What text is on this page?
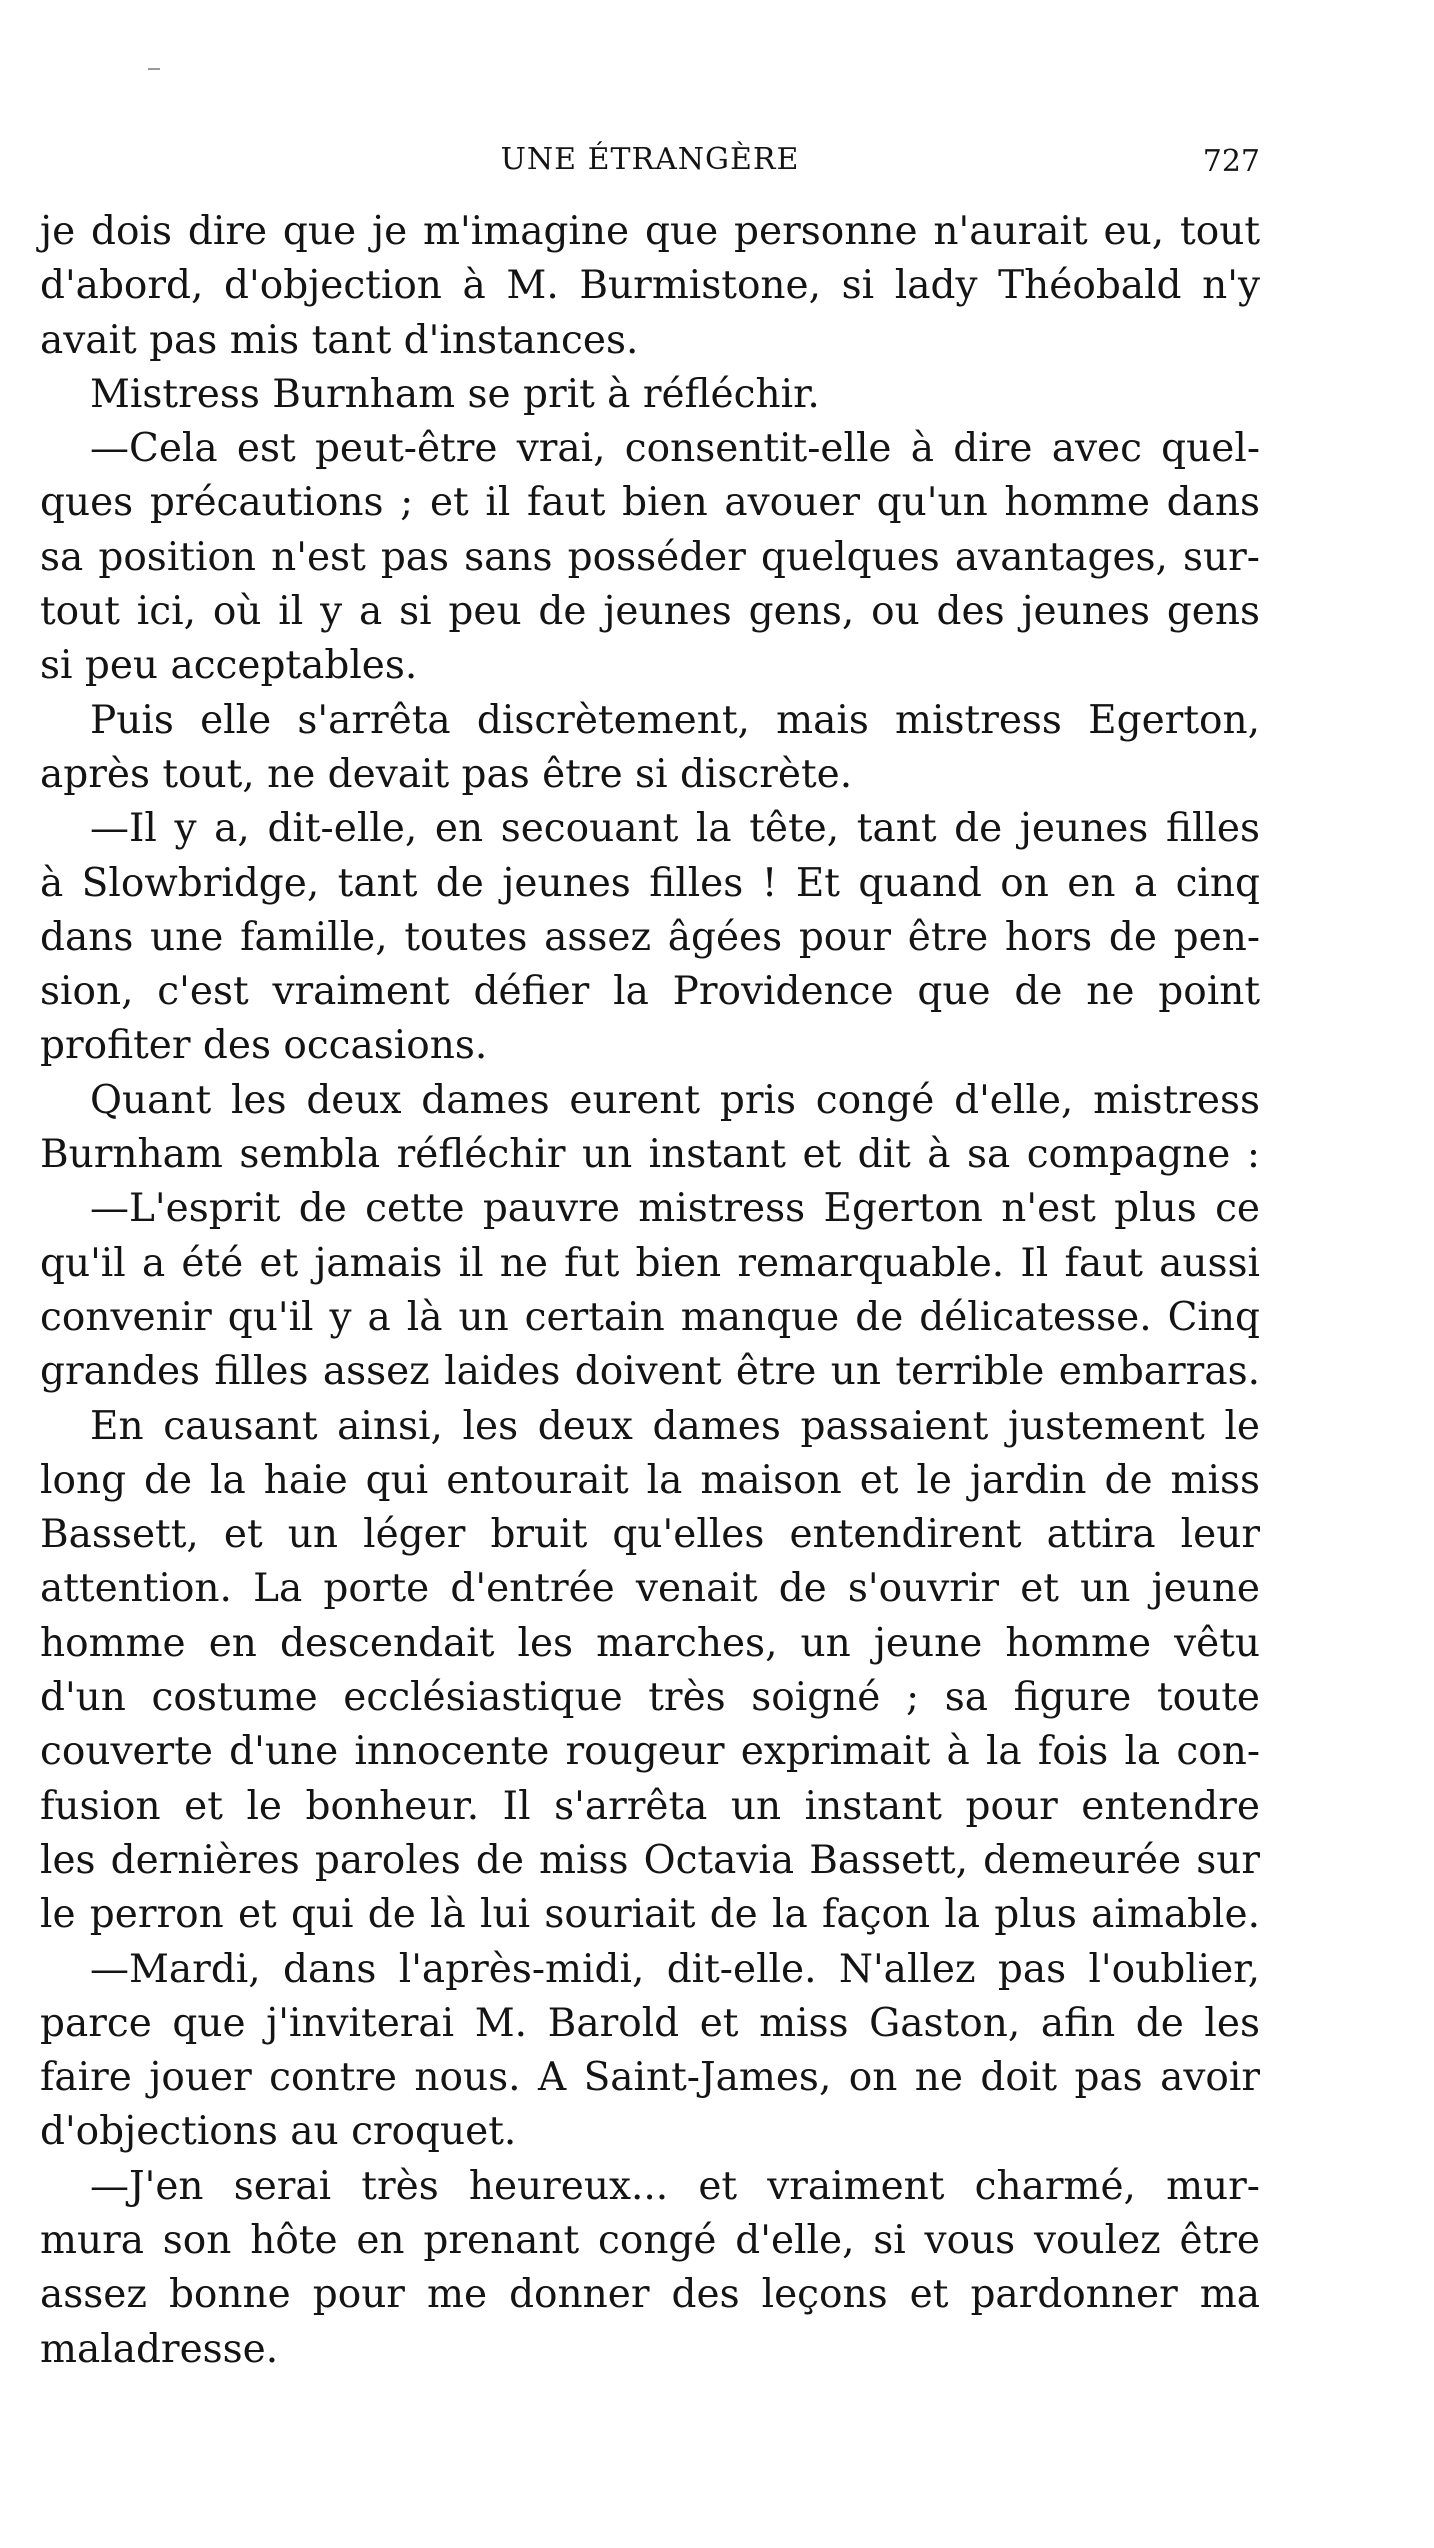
UNE ÉTRANGÈRE	727
je dois dire que je m'imagine que personne n'aurait eu, tout
d'abord, d'objection à M. Burmistone, si lady Théobald n'y
avait pas mis tant d'instances.
Mistress Burnham se prit à réfléchir.
—Cela est peut-être vrai, consentit-elle à dire avec quel-
ques précautions ; et il faut bien avouer qu'un homme dans
sa position n'est pas sans posséder quelques avantages, sur-
tout ici, où il y a si peu de jeunes gens, ou des jeunes gens
si peu acceptables.
Puis elle s'arrêta discrètement, mais mistress Egerton,
après tout, ne devait pas être si discrète.
—Il y a, dit-elle, en secouant la tête, tant de jeunes filles
à Slowbridge, tant de jeunes filles ! Et quand on en a cinq
dans une famille, toutes assez âgées pour être hors de pen-
sion, c'est vraiment défier la Providence que de ne point
profiter des occasions.
Quant les deux dames eurent pris congé d'elle, mistress
Burnham sembla réfléchir un instant et dit à sa compagne :
—L'esprit de cette pauvre mistress Egerton n'est plus ce
qu'il a été et jamais il ne fut bien remarquable. Il faut aussi
convenir qu'il y a là un certain manque de délicatesse. Cinq
grandes filles assez laides doivent être un terrible embarras.
En causant ainsi, les deux dames passaient justement le
long de la haie qui entourait la maison et le jardin de miss
Bassett, et un léger bruit qu'elles entendirent attira leur
attention. La porte d'entrée venait de s'ouvrir et un jeune
homme en descendait les marches, un jeune homme vêtu
d'un costume ecclésiastique très soigné ; sa figure toute
couverte d'une innocente rougeur exprimait à la fois la con-
fusion et le bonheur. Il s'arrêta un instant pour entendre
les dernières paroles de miss Octavia Bassett, demeurée sur
le perron et qui de là lui souriait de la façon la plus aimable.
—Mardi, dans l'après-midi, dit-elle. N'allez pas l'oublier,
parce que j'inviterai M. Barold et miss Gaston, afin de les
faire jouer contre nous. A Saint-James, on ne doit pas avoir
d'objections au croquet.
—J'en serai très heureux... et vraiment charmé, mur-
mura son hôte en prenant congé d'elle, si vous voulez être
assez bonne pour me donner des leçons et pardonner ma
maladresse.
